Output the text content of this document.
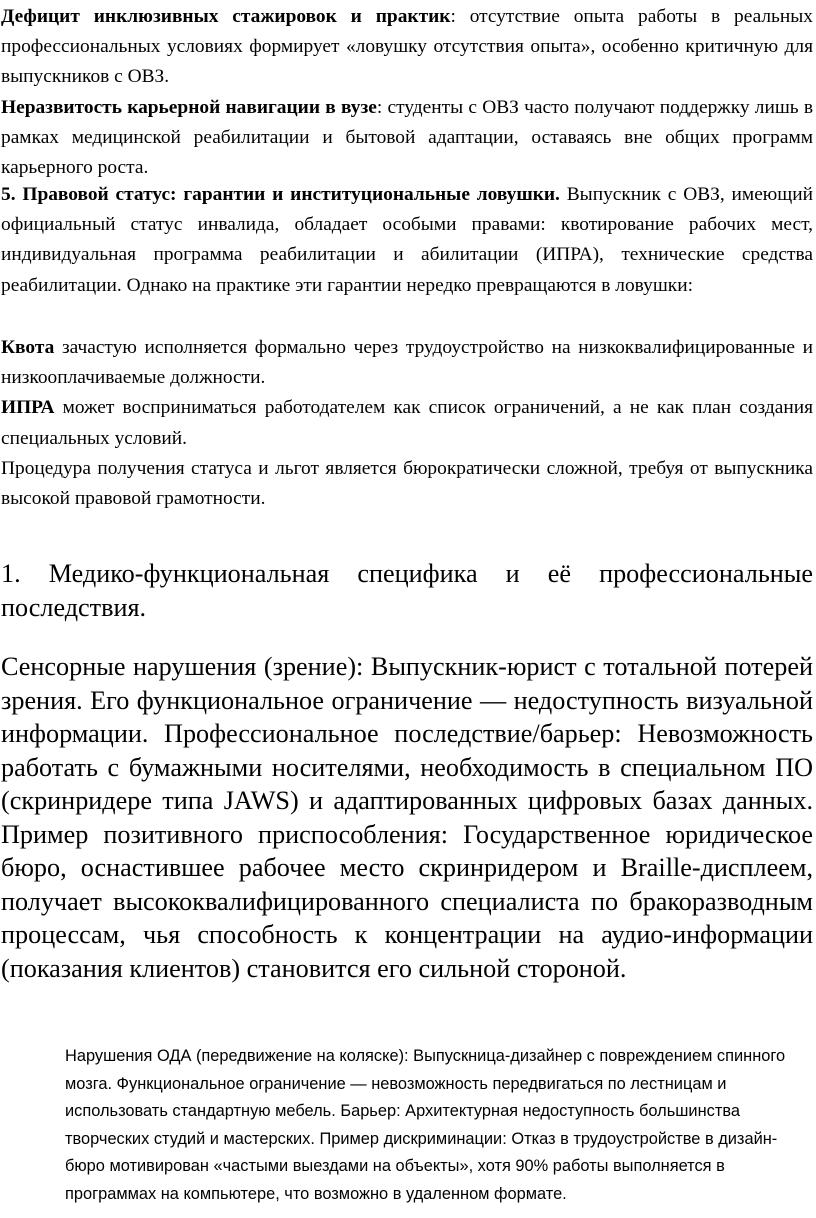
Дефицит инклюзивных стажировок и практик: отсутствие опыта работы в реальных профессиональных условиях формирует «ловушку отсутствия опыта», особенно критичную для выпускников с ОВЗ.

Неразвитость карьерной навигации в вузе: студенты с ОВЗ часто получают поддержку лишь в рамках медицинской реабилитации и бытовой адаптации, оставаясь вне общих программ карьерного роста.

5. Правовой статус: гарантии и институциональные ловушки. Выпускник с ОВЗ, имеющий официальный статус инвалида, обладает особыми правами: квотирование рабочих мест, индивидуальная программа реабилитации и абилитации (ИПРА), технические средства реабилитации. Однако на практике эти гарантии нередко превращаются в ловушки:

Квота зачастую исполняется формально через трудоустройство на низкоквалифицированные и низкооплачиваемые должности.

ИПРА может восприниматься работодателем как список ограничений, а не как план создания специальных условий.

Процедура получения статуса и льгот является бюрократически сложной, требуя от выпускника высокой правовой грамотности.

1. Медико-функциональная специфика и её профессиональные последствия.

Сенсорные нарушения (зрение): Выпускник-юрист с тотальной потерей зрения. Его функциональное ограничение — недоступность визуальной информации. Профессиональное последствие/барьер: Невозможность работать с бумажными носителями, необходимость в специальном ПО (скринридере типа JAWS) и адаптированных цифровых базах данных. Пример позитивного приспособления: Государственное юридическое бюро, оснастившее рабочее место скринридером и Braille-дисплеем, получает высококвалифицированного специалиста по бракоразводным процессам, чья способность к концентрации на аудио-информации (показания клиентов) становится его сильной стороной.

Нарушения ОДА (передвижение на коляске): Выпускница-дизайнер с повреждением спинного мозга. Функциональное ограничение — невозможность передвигаться по лестницам и использовать стандартную мебель. Барьер: Архитектурная недоступность большинства творческих студий и мастерских. Пример дискриминации: Отказ в трудоустройстве в дизайн-бюро мотивирован «частыми выездами на объекты», хотя 90% работы выполняется в программах на компьютере, что возможно в удаленном формате.
